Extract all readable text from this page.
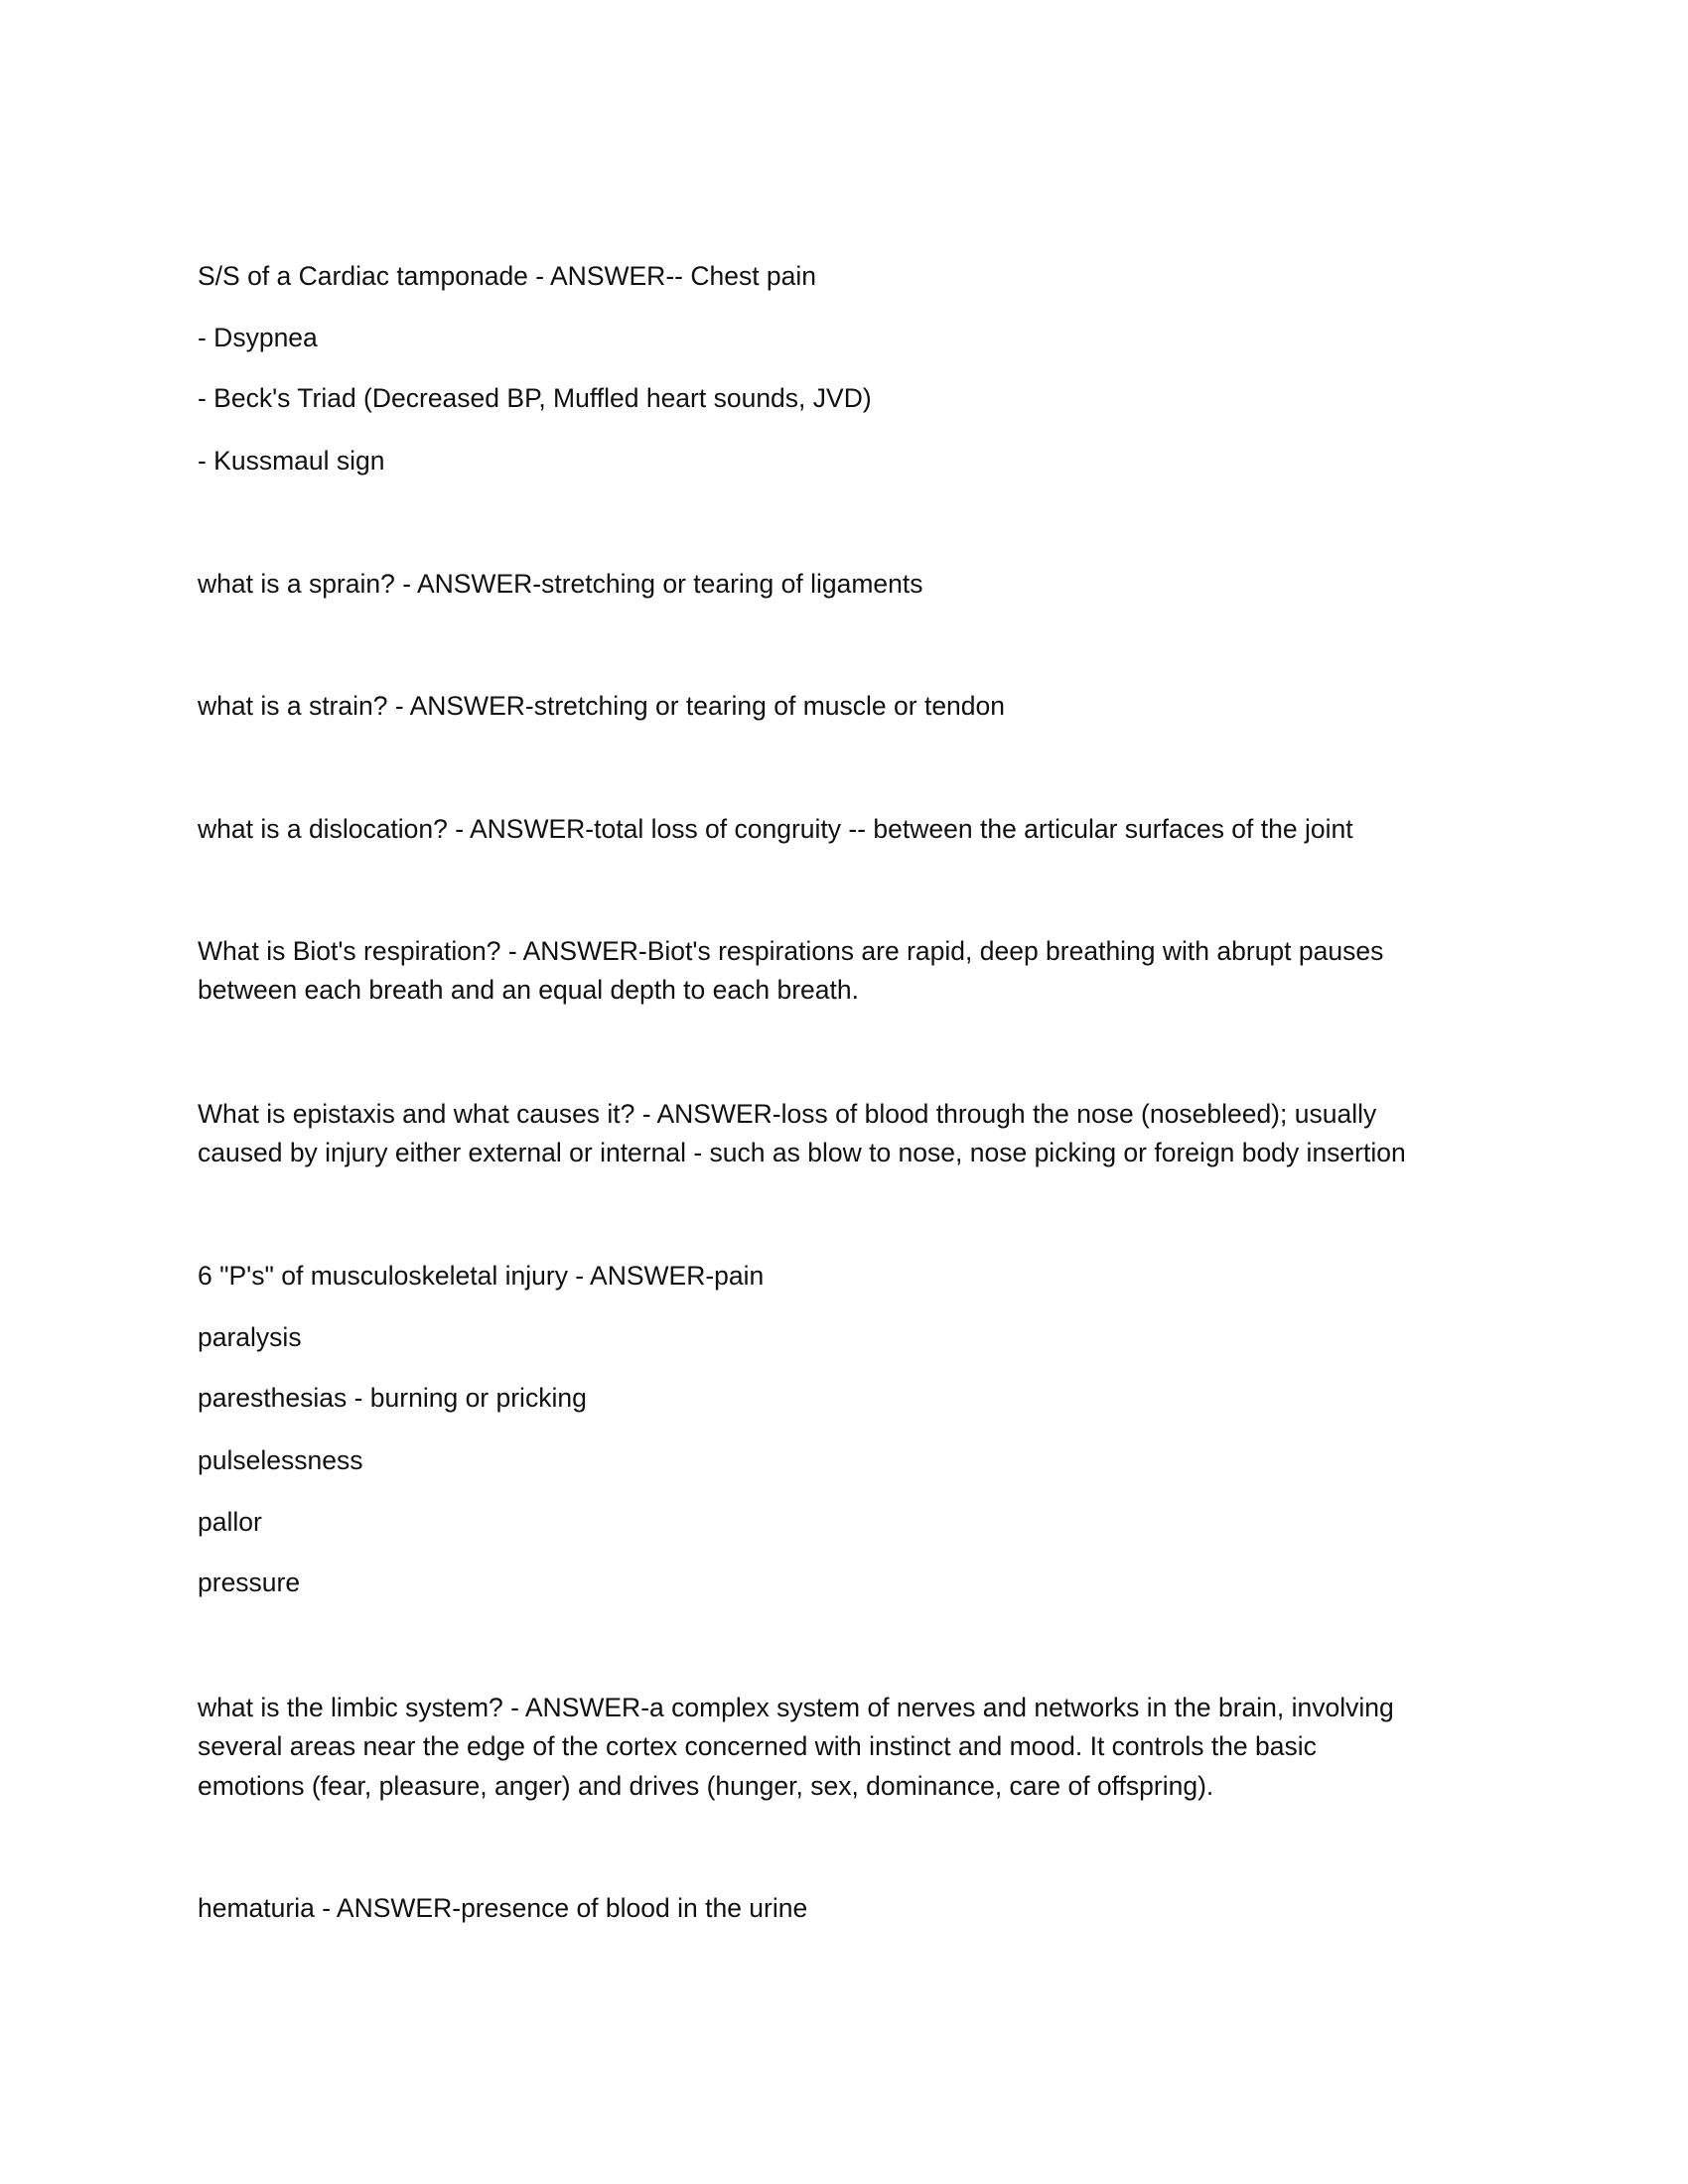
S/S of a Cardiac tamponade - ANSWER-- Chest pain
- Dsypnea
- Beck's Triad (Decreased BP, Muffled heart sounds, JVD)
- Kussmaul sign
what is a sprain? - ANSWER-stretching or tearing of ligaments
what is a strain? - ANSWER-stretching or tearing of muscle or tendon
what is a dislocation? - ANSWER-total loss of congruity -- between the articular surfaces of the joint
What is Biot's respiration? - ANSWER-Biot's respirations are rapid, deep breathing with abrupt pauses
between each breath and an equal depth to each breath.
What is epistaxis and what causes it? - ANSWER-loss of blood through the nose (nosebleed); usually
caused by injury either external or internal - such as blow to nose, nose picking or foreign body insertion
6 "P's" of musculoskeletal injury - ANSWER-pain
paralysis
paresthesias - burning or pricking
pulselessness
pallor
pressure
what is the limbic system? - ANSWER-a complex system of nerves and networks in the brain, involving
several areas near the edge of the cortex concerned with instinct and mood. It controls the basic
emotions (fear, pleasure, anger) and drives (hunger, sex, dominance, care of offspring).
hematuria - ANSWER-presence of blood in the urine
